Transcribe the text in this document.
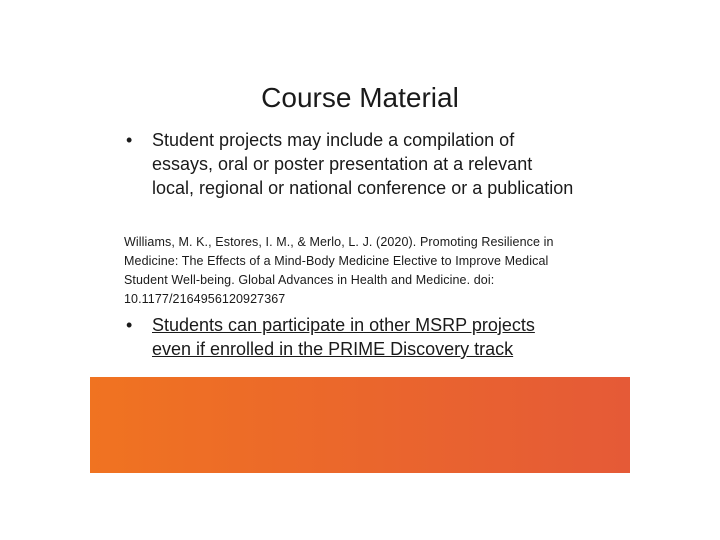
Course Material
•	Student projects may include a compilation of essays, oral or poster presentation at a relevant local, regional or national conference or a publication
Williams, M. K., Estores, I. M., & Merlo, L. J. (2020). Promoting Resilience in Medicine: The Effects of a Mind-Body Medicine Elective to Improve Medical Student Well-being. Global Advances in Health and Medicine. doi: 10.1177/2164956120927367
•	Students can participate in other MSRP projects even if enrolled in the PRIME Discovery track
